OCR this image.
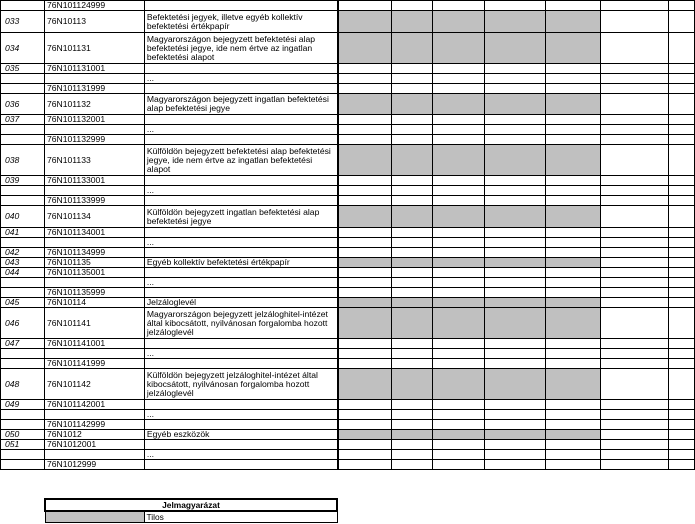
	76N101124999								
033	76N10113	Befektetési jegyek, illetve egyéb kollektív befektetési értékpapír							
034	76N101131	Magyarországon bejegyzett befektetési alap befektetési jegye, ide nem értve az ingatlan befektetési alapot							
035	76N101131001								
		...							
	76N101131999								
036	76N101132	Magyarországon bejegyzett ingatlan befektetési alap befektetési jegye							
037	76N101132001								
		...							
	76N101132999								
038	76N101133	Külföldön bejegyzett befektetési alap befektetési jegye, ide nem értve az ingatlan befektetési alapot							
039	76N101133001								
		...							
	76N101133999								
040	76N101134	Külföldön bejegyzett ingatlan befektetési alap befektetési jegye							
041	76N101134001								
		...							
042	76N101134999								
043	76N101135	Egyéb kollektív befektetési értékpapír							
044	76N101135001								
		...							
	76N101135999								
045	76N10114	Jelzáloglevél							
046	76N101141	Magyarországon bejegyzett jelzáloghitel-intézet által kibocsátott, nyilvánosan forgalomba hozott jelzáloglevél							
047	76N101141001								
		...							
	76N101141999								
048	76N101142	Külföldön bejegyzett jelzáloghitel-intézet által kibocsátott, nyilvánosan forgalomba hozott jelzáloglevél							
049	76N101142001								
		...							
	76N101142999								
050	76N1012	Egyéb eszközök							
051	76N1012001								
		...							
	76N1012999								
Jelmagyarázat
	Tilos
